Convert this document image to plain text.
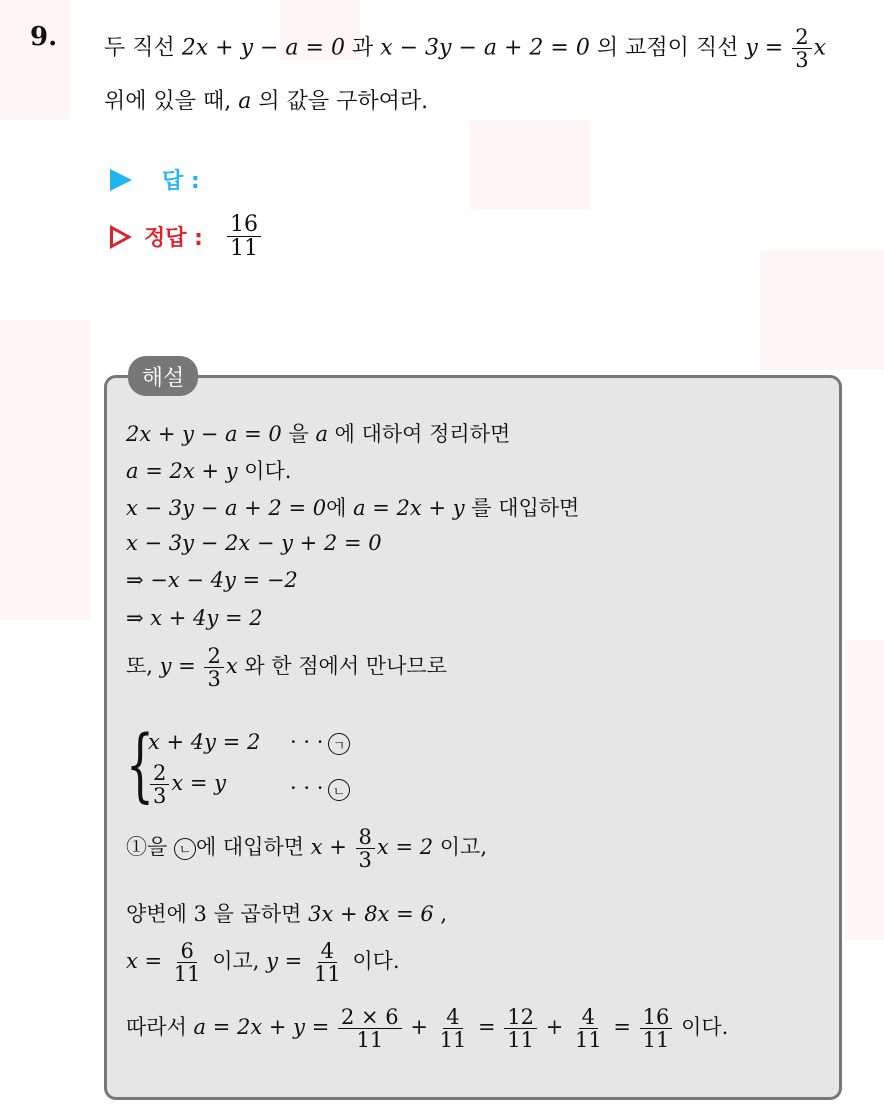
9. 두 직선 2x + y − a = 0 과 x − 3y − a + 2 = 0 의 교점이 직선 $y = \frac{2}{3}$ x
위에 있을 때, a 의 값을 구하여라.
답 :
정답 : $\frac{16}{11}$
해설
2x + y − a = 0 을 a 에 대하여 정리하면
a = 2x + y 이다.
x − 3y − a + 2 = 0에 a = 2x + y 를 대입하면
x − 3y − 2x − y + 2 = 0
⇒ −x − 4y = −2
⇒ x + 4y = 2
또, $y = \frac{2}{3}$ x 와 한 점에서 만나므로
{
x + 4y = 2 · · · ㄱ
$\frac{2}{3}$ x = y	· · · ㄴ
①을 ㄴ 에 대입하면 $x + \frac{8}{3}$ x = 2 이고,
양변에 3 을 곱하면 3x + 8x = 6 ,
$x = \frac{6}{11}$ 이고, $y = \frac{4}{11}$ 이다.
따라서 $a = 2x + y = \frac{2 \times 6}{11} + \frac{4}{11} = \frac{12}{11} + \frac{4}{11} = \frac{16}{11}$ 이다.
